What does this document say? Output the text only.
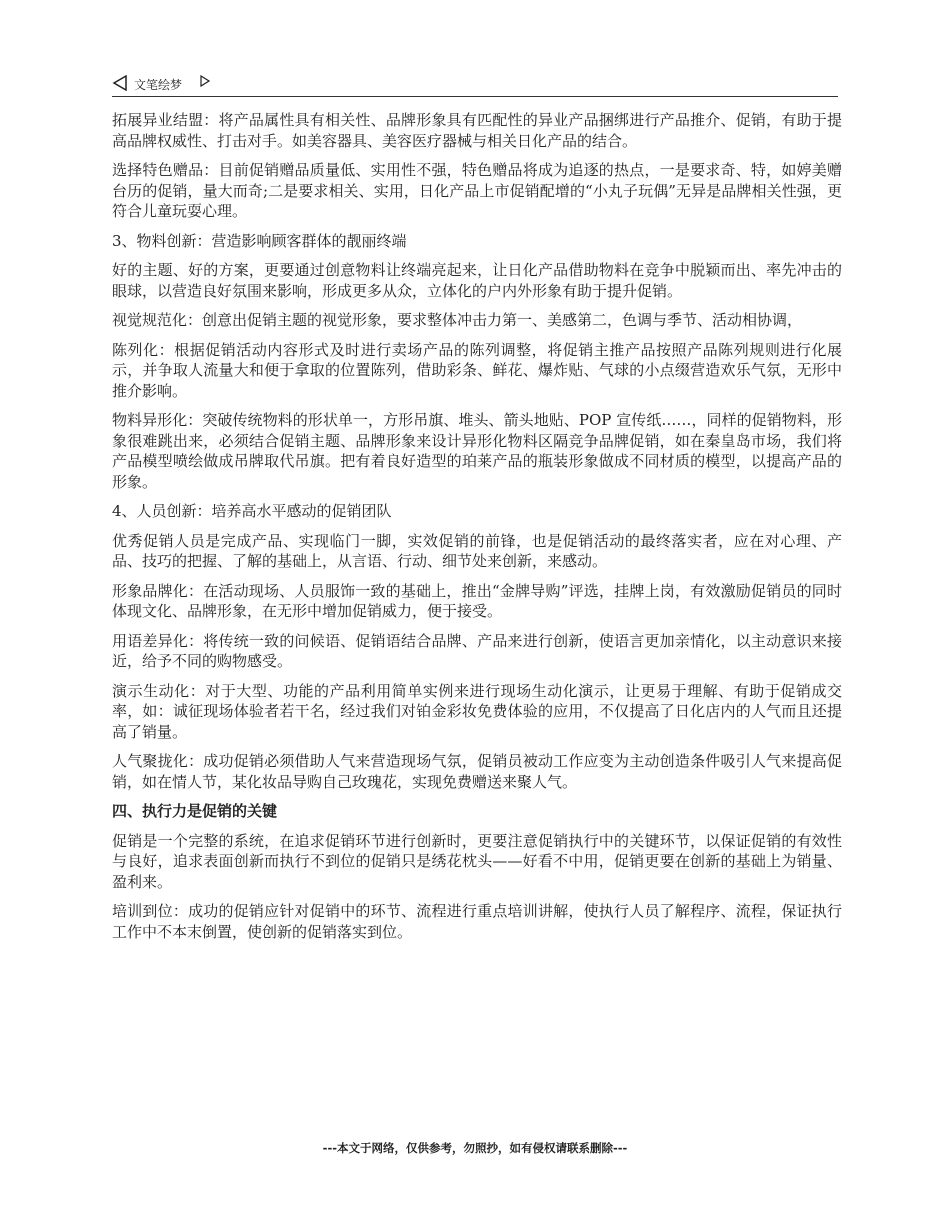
文笔绘梦

拓展异业结盟：将产品属性具有相关性、品牌形象具有匹配性的异业产品捆绑进行产品推介、促销，有助于提高品牌权威性、打击对手。如美容器具、美容医疗器械与相关日化产品的结合。

选择特色赠品：目前促销赠品质量低、实用性不强，特色赠品将成为追逐的热点，一是要求奇、特，如婷美赠台历的促销，量大而奇;二是要求相关、实用，日化产品上市促销配增的“小丸子玩偶”无异是品牌相关性强，更符合儿童玩耍心理。

3、物料创新：营造影响顾客群体的靓丽终端

好的主题、好的方案，更要通过创意物料让终端亮起来，让日化产品借助物料在竞争中脱颖而出、率先冲击的眼球，以营造良好氛围来影响，形成更多从众，立体化的户内外形象有助于提升促销。

视觉规范化：创意出促销主题的视觉形象，要求整体冲击力第一、美感第二，色调与季节、活动相协调，

陈列化：根据促销活动内容形式及时进行卖场产品的陈列调整，将促销主推产品按照产品陈列规则进行化展示，并争取人流量大和便于拿取的位置陈列，借助彩条、鲜花、爆炸贴、气球的小点缀营造欢乐气氛，无形中推介影响。

物料异形化：突破传统物料的形状单一，方形吊旗、堆头、箭头地贴、POP 宣传纸……，同样的促销物料，形象很难跳出来，必须结合促销主题、品牌形象来设计异形化物料区隔竞争品牌促销，如在秦皇岛市场，我们将产品模型喷绘做成吊牌取代吊旗。把有着良好造型的珀莱产品的瓶装形象做成不同材质的模型，以提高产品的形象。

4、人员创新：培养高水平感动的促销团队

优秀促销人员是完成产品、实现临门一脚，实效促销的前锋，也是促销活动的最终落实者，应在对心理、产品、技巧的把握、了解的基础上，从言语、行动、细节处来创新，来感动。

形象品牌化：在活动现场、人员服饰一致的基础上，推出“金牌导购”评选，挂牌上岗，有效激励促销员的同时体现文化、品牌形象，在无形中增加促销威力，便于接受。

用语差异化：将传统一致的问候语、促销语结合品牌、产品来进行创新，使语言更加亲情化，以主动意识来接近，给予不同的购物感受。

演示生动化：对于大型、功能的产品利用简单实例来进行现场生动化演示，让更易于理解、有助于促销成交率，如：诚征现场体验者若干名，经过我们对铂金彩妆免费体验的应用，不仅提高了日化店内的人气而且还提高了销量。

人气聚拢化：成功促销必须借助人气来营造现场气氛，促销员被动工作应变为主动创造条件吸引人气来提高促销，如在情人节，某化妆品导购自己玫瑰花，实现免费赠送来聚人气。

四、执行力是促销的关键

促销是一个完整的系统，在追求促销环节进行创新时，更要注意促销执行中的关键环节，以保证促销的有效性与良好，追求表面创新而执行不到位的促销只是绣花枕头——好看不中用，促销更要在创新的基础上为销量、盈利来。

培训到位：成功的促销应针对促销中的环节、流程进行重点培训讲解，使执行人员了解程序、流程，保证执行工作中不本末倒置，使创新的促销落实到位。

---本文于网络，仅供参考，勿照抄，如有侵权请联系删除---
